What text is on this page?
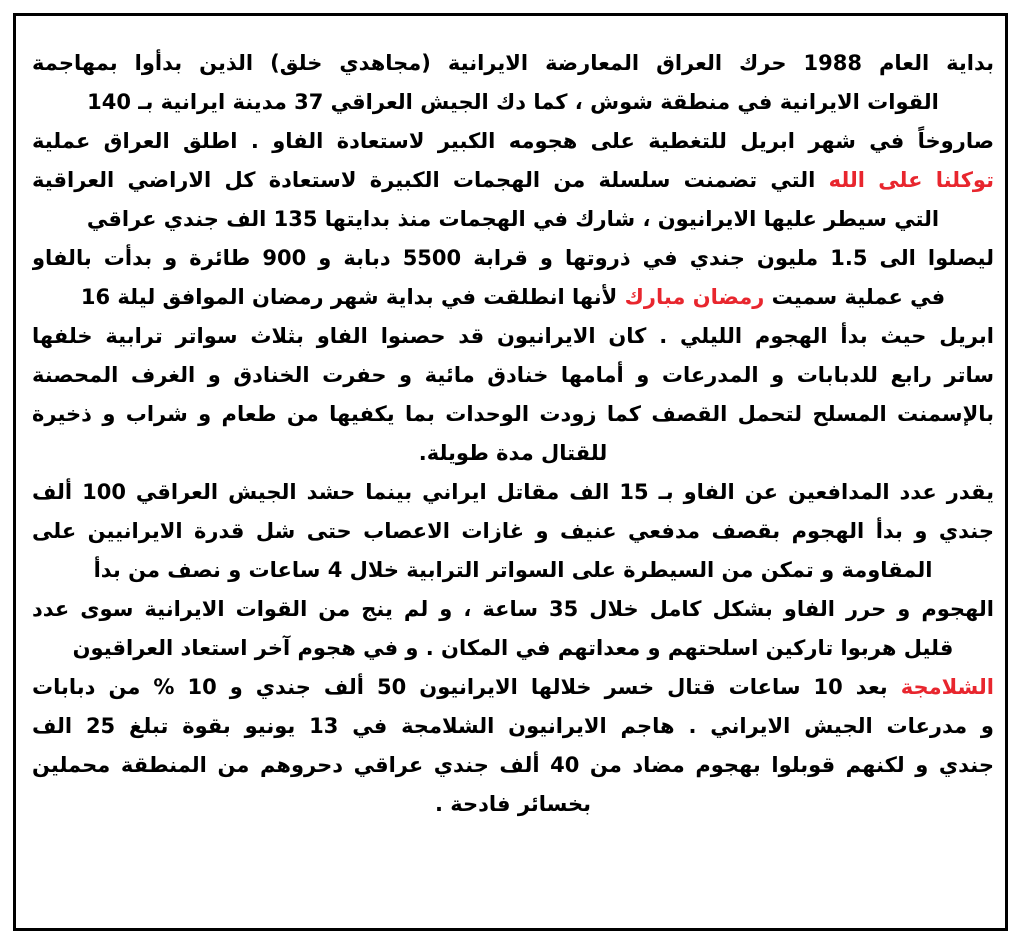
بداية العام 1988 حرك العراق المعارضة الايرانية (مجاهدي خلق) الذين بدأوا بمهاجمة
القوات الايرانية في منطقة شوش ، كما دك الجيش العراقي 37 مدينة ايرانية بـ 140
صاروخاً في شهر ابريل للتغطية على هجومه الكبير لاستعادة الفاو . اطلق العراق عملية
توكلنا على الله التي تضمنت سلسلة من الهجمات الكبيرة لاستعادة كل الاراضي العراقية
التي سيطر عليها الايرانيون ، شارك في الهجمات منذ بدايتها 135 الف جندي عراقي
ليصلوا الى 1.5 مليون جندي في ذروتها و قرابة 5500 دبابة و 900 طائرة و بدأت بالفاو
في عملية سميت رمضان مبارك لأنها انطلقت في بداية شهر رمضان الموافق ليلة 16
ابريل حيث بدأ الهجوم الليلي . كان الايرانيون قد حصنوا الفاو بثلاث سواتر ترابية خلفها
ساتر رابع للدبابات و المدرعات و أمامها خنادق مائية و حفرت الخنادق و الغرف المحصنة
بالإسمنت المسلح لتحمل القصف كما زودت الوحدات بما يكفيها من طعام و شراب و ذخيرة
للقتال مدة طويلة.
يقدر عدد المدافعين عن الفاو بـ 15 الف مقاتل ايراني بينما حشد الجيش العراقي 100 ألف
جندي و بدأ الهجوم بقصف مدفعي عنيف و غازات الاعصاب حتى شل قدرة الايرانيين على
المقاومة و تمكن من السيطرة على السواتر الترابية خلال 4 ساعات و نصف من بدأ
الهجوم و حرر الفاو بشكل كامل خلال 35 ساعة ، و لم ينج من القوات الايرانية سوى عدد
قليل هربوا تاركين اسلحتهم و معداتهم في المكان . و في هجوم آخر استعاد العراقيون
الشلامجة بعد 10 ساعات قتال خسر خلالها الايرانيون 50 ألف جندي و 10 % من دبابات
و مدرعات الجيش الايراني . هاجم الايرانيون الشلامجة في 13 يونيو بقوة تبلغ 25 الف
جندي و لكنهم قوبلوا بهجوم مضاد من 40 ألف جندي عراقي دحروهم من المنطقة محملين
بخسائر فادحة .
